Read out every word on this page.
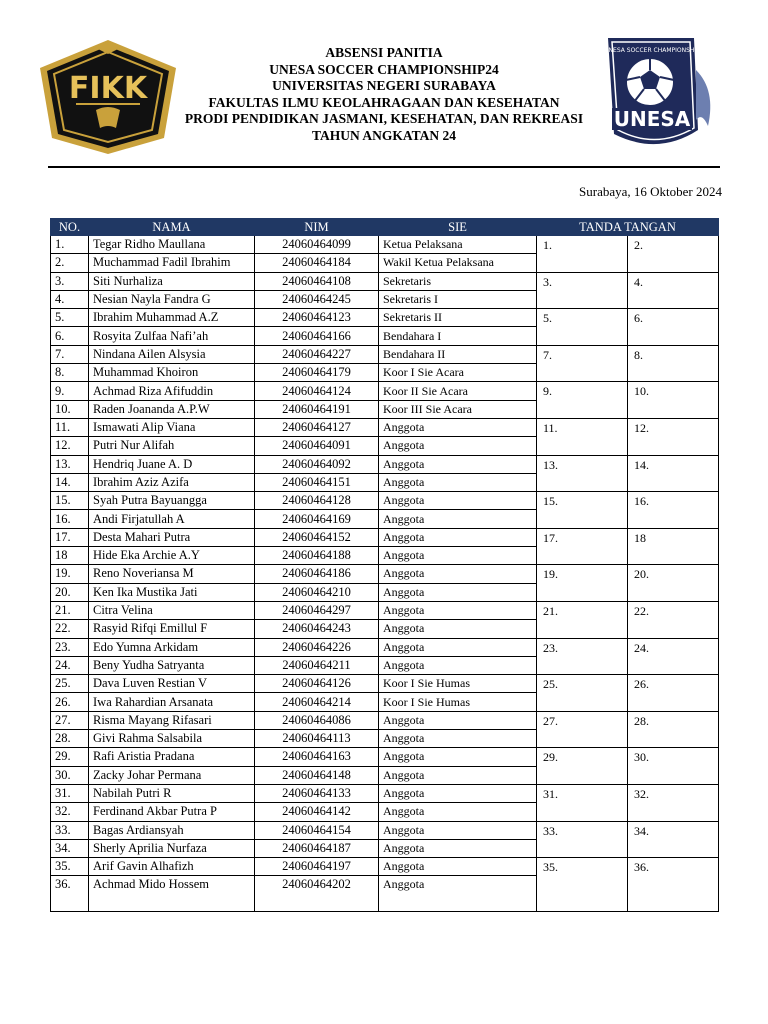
FIKK
UNESA
UNESA SOCCER CHAMPIONSHIP
ABSENSI PANITIA
UNESA SOCCER CHAMPIONSHIP24
UNIVERSITAS NEGERI SURABAYA
FAKULTAS ILMU KEOLAHRAGAAN DAN KESEHATAN
PRODI PENDIDIKAN JASMANI, KESEHATAN, DAN REKREASI
TAHUN ANGKATAN 24
Surabaya, 16 Oktober 2024
NO.	NAMA	NIM	SIE	TANDA TANGAN	
1.	Tegar Ridho Maullana	24060464099	Ketua Pelaksana	1.	2.
2.	Muchammad Fadil Ibrahim	24060464184	Wakil Ketua Pelaksana		
3.	Siti Nurhaliza	24060464108	Sekretaris	3.	4.
4.	Nesian Nayla Fandra G	24060464245	Sekretaris I		
5.	Ibrahim Muhammad A.Z	24060464123	Sekretaris II	5.	6.
6.	Rosyita Zulfaa Nafi’ah	24060464166	Bendahara I		
7.	Nindana Ailen Alsysia	24060464227	Bendahara II	7.	8.
8.	Muhammad Khoiron	24060464179	Koor I Sie Acara		
9.	Achmad Riza Afifuddin	24060464124	Koor II Sie Acara	9.	10.
10.	Raden Joananda A.P.W	24060464191	Koor III Sie Acara		
11.	Ismawati Alip Viana	24060464127	Anggota	11.	12.
12.	Putri Nur Alifah	24060464091	Anggota		
13.	Hendriq Juane A. D	24060464092	Anggota	13.	14.
14.	Ibrahim Aziz Azifa	24060464151	Anggota		
15.	Syah Putra Bayuangga	24060464128	Anggota	15.	16.
16.	Andi Firjatullah A	24060464169	Anggota		
17.	Desta Mahari Putra	24060464152	Anggota	17.	18
18	Hide Eka Archie A.Y	24060464188	Anggota		
19.	Reno Noveriansa M	24060464186	Anggota	19.	20.
20.	Ken Ika Mustika Jati	24060464210	Anggota		
21.	Citra Velina	24060464297	Anggota	21.	22.
22.	Rasyid Rifqi Emillul F	24060464243	Anggota		
23.	Edo Yumna Arkidam	24060464226	Anggota	23.	24.
24.	Beny Yudha Satryanta	24060464211	Anggota		
25.	Dava Luven Restian V	24060464126	Koor I Sie Humas	25.	26.
26.	Iwa Rahardian Arsanata	24060464214	Koor I Sie Humas		
27.	Risma Mayang Rifasari	24060464086	Anggota	27.	28.
28.	Givi Rahma Salsabila	24060464113	Anggota		
29.	Rafi Aristia Pradana	24060464163	Anggota	29.	30.
30.	Zacky Johar Permana	24060464148	Anggota		
31.	Nabilah Putri R	24060464133	Anggota	31.	32.
32.	Ferdinand Akbar Putra P	24060464142	Anggota		
33.	Bagas Ardiansyah	24060464154	Anggota	33.	34.
34.	Sherly Aprilia Nurfaza	24060464187	Anggota		
35.	Arif Gavin Alhafizh	24060464197	Anggota	35.	36.
36.	Achmad Mido Hossem	24060464202	Anggota		
